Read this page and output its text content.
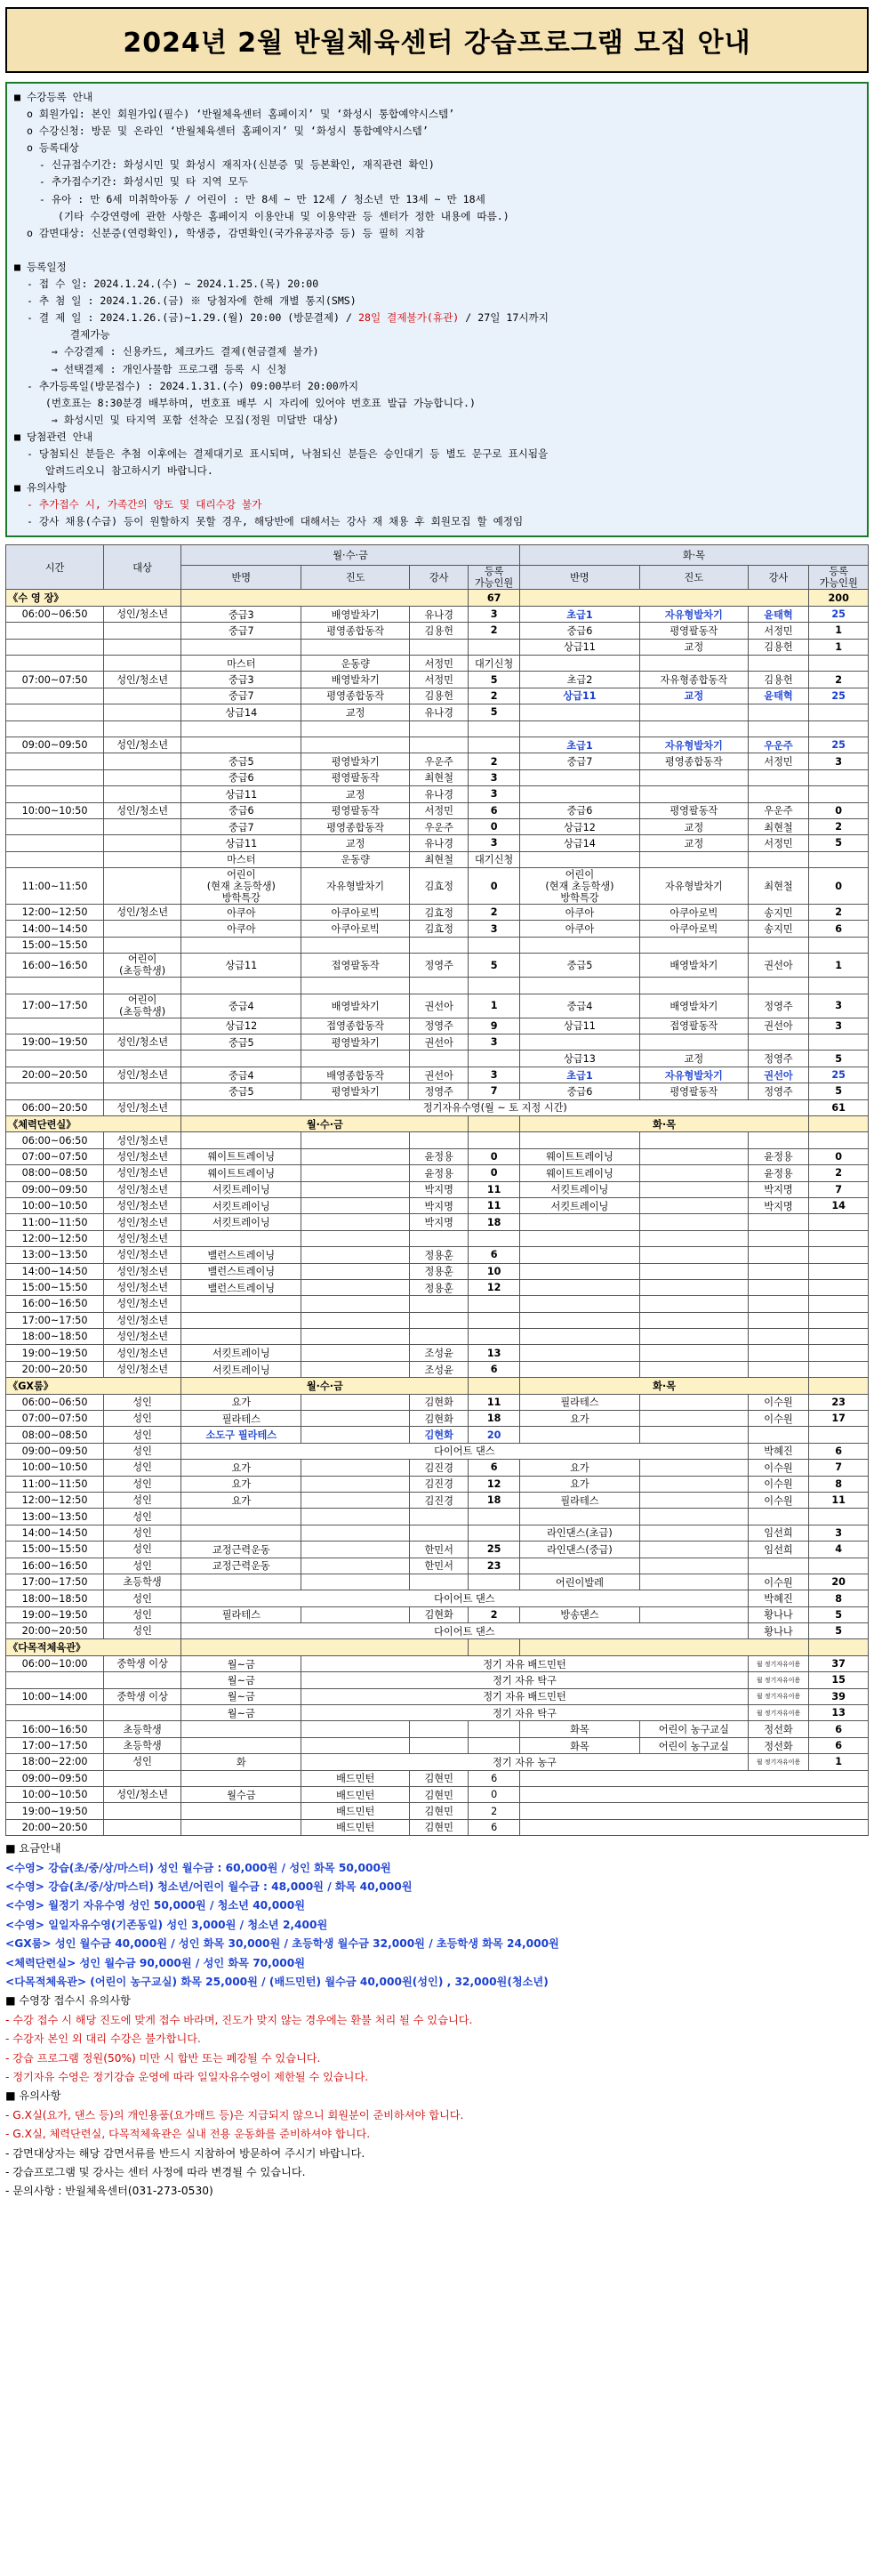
2024년 2월 반월체육센터 강습프로그램 모집 안내
■ 수강등록 안내
o 회원가입: 본인 회원가입(필수) ‘반월체육센터 홈페이지’ 및 ‘화성시 통합예약시스템’
o 수강신청: 방문 및 온라인 ‘반월체육센터 홈페이지’ 및 ‘화성시 통합예약시스템’
o 등록대상
- 신규접수기간: 화성시민 및 화성시 재직자(신분증 및 등본확인, 재직관련 확인)
- 추가접수기간: 화성시민 및 타 지역 모두
- 유아 : 만 6세 미취학아동 / 어린이 : 만 8세 ~ 만 12세 / 청소년 만 13세 ~ 만 18세
(기타 수강연령에 관한 사항은 홈페이지 이용안내 및 이용약관 등 센터가 정한 내용에 따름.)
o 감면대상: 신분증(연령확인), 학생증, 감면확인(국가유공자증 등) 등 필히 지참

■ 등록일정
- 접 수 일: 2024.1.24.(수) ~ 2024.1.25.(목) 20:00
- 추 첨 일 : 2024.1.26.(금) ※ 당첨자에 한해 개별 통지(SMS)
- 결 제 일 : 2024.1.26.(금)~1.29.(월) 20:00 (방문결제) / 28일 결제불가(휴관) / 27일 17시까지
결제가능
⇒ 수강결제 : 신용카드, 체크카드 결제(현금결제 불가)
⇒ 선택결제 : 개인사물함 프로그램 등록 시 신청
- 추가등록일(방문접수) : 2024.1.31.(수) 09:00부터 20:00까지
(번호표는 8:30분경 배부하며, 번호표 배부 시 자리에 있어야 번호표 발급 가능합니다.)
⇒ 화성시민 및 타지역 포함 선착순 모집(정원 미달반 대상)
■ 당첨관련 안내
- 당첨되신 분들은 추첨 이후에는 결제대기로 표시되며, 낙첨되신 분들은 승인대기 등 별도 문구로 표시됨을
알려드리오니 참고하시기 바랍니다.
■ 유의사항
- 추가접수 시, 가족간의 양도 및 대리수강 불가
- 강사 채용(수급) 등이 원할하지 못할 경우, 해당반에 대해서는 강사 재 채용 후 회원모집 할 예정임
시간	대상	월·수·금				화·목			
		반명	진도	강사	등록
가능인원	반명	진도	강사	등록
가능인원
《수 영 장》					67				200
06:00~06:50	성인/청소년	중급3	배영발차기	유나경	3	초급1	자유형발차기	윤태혁	25
		중급7	평영종합동작	김용헌	2	중급6	평영팔동작	서정민	1
						상급11	교정	김용헌	1
		마스터	운동량	서정민	대기신청				
07:00~07:50	성인/청소년	중급3	배영발차기	서정민	5	초급2	자유형종합동작	김용헌	2
		중급7	평영종합동작	김용헌	2	상급11	교정	윤태혁	25
		상급14	교정	유나경	5				

09:00~09:50	성인/청소년					초급1	자유형발차기	우운주	25
		중급5	평영발차기	우운주	2	중급7	평영종합동작	서정민	3
		중급6	평영팔동작	최현철	3				
		상급11	교정	유나경	3				
10:00~10:50	성인/청소년	중급6	평영팔동작	서정민	6	중급6	평영팔동작	우운주	0
		중급7	평영종합동작	우운주	0	상급12	교정	최현철	2
		상급11	교정	유나경	3	상급14	교정	서정민	5
		마스터	운동량	최현철	대기신청				
11:00~11:50		어린이
(현재 초등학생)
방학특강	자유형발차기	김효정	0	어린이
(현재 초등학생)
방학특강	자유형발차기	최현철	0
12:00~12:50	성인/청소년	아쿠아	아쿠아로빅	김효정	2	아쿠아	아쿠아로빅	송지민	2
14:00~14:50		아쿠아	아쿠아로빅	김효정	3	아쿠아	아쿠아로빅	송지민	6
15:00~15:50									
16:00~16:50	어린이
(초등학생)	상급11	접영팔동작	정영주	5	중급5	배영발차기	권선아	1

17:00~17:50	어린이
(초등학생)	중급4	배영발차기	권선아	1	중급4	배영발차기	정영주	3
		상급12	접영종합동작	정영주	9	상급11	접영팔동작	권선아	3
19:00~19:50	성인/청소년	중급5	평영발차기	권선아	3				
						상급13	교정	정영주	5
20:00~20:50	성인/청소년	중급4	배영종합동작	권선아	3	초급1	자유형발차기	권선아	25
		중급5	평영발차기	정영주	7	중급6	평영팔동작	정영주	5
06:00~20:50	성인/청소년	정기자유수영(월 ~ 토 지정 시간)							61
《체력단련실》		월·수·금				화·목			
06:00~06:50	성인/청소년								
07:00~07:50	성인/청소년	웨이트트레이닝		윤정용	0	웨이트트레이닝		윤정용	0
08:00~08:50	성인/청소년	웨이트트레이닝		윤정용	0	웨이트트레이닝		윤정용	2
09:00~09:50	성인/청소년	서킷트레이닝		박지명	11	서킷트레이닝		박지명	7
10:00~10:50	성인/청소년	서킷트레이닝		박지명	11	서킷트레이닝		박지명	14
11:00~11:50	성인/청소년	서킷트레이닝		박지명	18				
12:00~12:50	성인/청소년								
13:00~13:50	성인/청소년	밸런스트레이닝		정용훈	6				
14:00~14:50	성인/청소년	밸런스트레이닝		정용훈	10				
15:00~15:50	성인/청소년	밸런스트레이닝		정용훈	12				
16:00~16:50	성인/청소년								
17:00~17:50	성인/청소년								
18:00~18:50	성인/청소년								
19:00~19:50	성인/청소년	서킷트레이닝		조성윤	13				
20:00~20:50	성인/청소년	서킷트레이닝		조성윤	6				
《GX룸》		월·수·금				화·목			
06:00~06:50	성인	요가		김현화	11	필라테스		이수원	23
07:00~07:50	성인	필라테스		김현화	18	요가		이수원	17
08:00~08:50	성인	소도구 필라테스		김현화	20				
09:00~09:50	성인	다이어트 댄스						박혜진	6
10:00~10:50	성인	요가		김진경	6	요가		이수원	7
11:00~11:50	성인	요가		김진경	12	요가		이수원	8
12:00~12:50	성인	요가		김진경	18	필라테스		이수원	11
13:00~13:50	성인								
14:00~14:50	성인					라인댄스(초급)		임선희	3
15:00~15:50	성인	교정근력운동		한민서	25	라인댄스(중급)		임선희	4
16:00~16:50	성인	교정근력운동		한민서	23				
17:00~17:50	초등학생					어린이발레		이수원	20
18:00~18:50	성인	다이어트 댄스						박혜진	8
19:00~19:50	성인	필라테스		김현화	2	방송댄스		황나나	5
20:00~20:50	성인	다이어트 댄스						황나나	5
《다목적체육관》									
06:00~10:00	중학생 이상	월~금	정기 자유 배드민턴					월 정기자유이용	37
		월~금	정기 자유 탁구					월 정기자유이용	15
10:00~14:00	중학생 이상	월~금	정기 자유 배드민턴					월 정기자유이용	39
		월~금	정기 자유 탁구					월 정기자유이용	13
16:00~16:50	초등학생					화목	어린이 농구교실	정선화	6
17:00~17:50	초등학생					화목	어린이 농구교실	정선화	6
18:00~22:00	성인	화	정기 자유 농구					월 정기자유이용	1
09:00~09:50			배드민턴	김현민	6				
10:00~10:50	성인/청소년	월수금	배드민턴	김현민	0				
19:00~19:50			배드민턴	김현민	2				
20:00~20:50			배드민턴	김현민	6				
■ 요금안내
<수영> 강습(초/중/상/마스터) 성인 월수금 : 60,000원 / 성인 화목 50,000원
<수영> 강습(초/중/상/마스터) 청소년/어린이 월수금 : 48,000원 / 화목 40,000원
<수영> 월정기 자유수영 성인 50,000원 / 청소년 40,000원
<수영> 일일자유수영(기존동일) 성인 3,000원 / 청소년 2,400원
<GX룸> 성인 월수금 40,000원 / 성인 화목 30,000원 / 초등학생 월수금 32,000원 / 초등학생 화목 24,000원
<체력단련실> 성인 월수금 90,000원 / 성인 화목 70,000원
<다목적체육관> (어린이 농구교실) 화목 25,000원 / (배드민턴) 월수금 40,000원(성인) , 32,000원(청소년)
■ 수영장 접수시 유의사항
- 수강 접수 시 해당 진도에 맞게 접수 바라며, 진도가 맞지 않는 경우에는 환불 처리 될 수 있습니다.
- 수강자 본인 외 대리 수강은 불가합니다.
- 강습 프로그램 정원(50%) 미만 시 합반 또는 폐강될 수 있습니다.
- 정기자유 수영은 정기강습 운영에 따라 일일자유수영이 제한될 수 있습니다.
■ 유의사항
- G.X실(요가, 댄스 등)의 개인용품(요가매트 등)은 지급되지 않으니 회원분이 준비하셔야 합니다.
- G.X실, 체력단련실, 다목적체육관은 실내 전용 운동화를 준비하셔야 합니다.
- 감면대상자는 해당 감면서류를 반드시 지참하여 방문하여 주시기 바랍니다.
- 강습프로그램 및 강사는 센터 사정에 따라 변경될 수 있습니다.
- 문의사항 : 반월체육센터(031-273-0530)
